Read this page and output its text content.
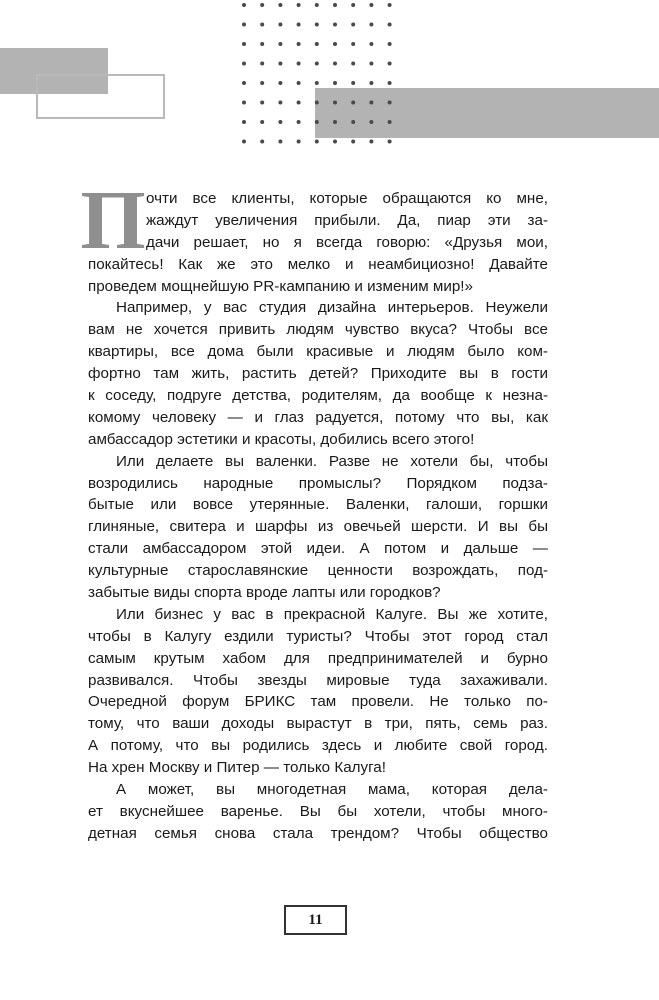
П очти все клиенты, которые обращаются ко мне,
жаждут увеличения прибыли. Да, пиар эти за-
дачи решает, но я всегда говорю: «Друзья мои,
покайтесь! Как же это мелко и неамбициозно! Давайте
проведем мощнейшую PR-кампанию и изменим мир!»
Например, у вас студия дизайна интерьеров. Неужели
вам не хочется привить людям чувство вкуса? Чтобы все
квартиры, все дома были красивые и людям было ком-
фортно там жить, растить детей? Приходите вы в гости
к соседу, подруге детства, родителям, да вообще к незна-
комому человеку — и глаз радуется, потому что вы, как
амбассадор эстетики и красоты, добились всего этого!
Или делаете вы валенки. Разве не хотели бы, чтобы
возродились народные промыслы? Порядком подза-
бытые или вовсе утерянные. Валенки, галоши, горшки
глиняные, свитера и шарфы из овечьей шерсти. И вы бы
стали амбассадором этой идеи. А потом и дальше —
культурные старославянские ценности возрождать, под-
забытые виды спорта вроде лапты или городков?
Или бизнес у вас в прекрасной Калуге. Вы же хотите,
чтобы в Калугу ездили туристы? Чтобы этот город стал
самым крутым хабом для предпринимателей и бурно
развивался. Чтобы звезды мировые туда захаживали.
Очередной форум БРИКС там провели. Не только по-
тому, что ваши доходы вырастут в три, пять, семь раз.
А потому, что вы родились здесь и любите свой город.
На хрен Москву и Питер — только Калуга!
А может, вы многодетная мама, которая дела-
ет вкуснейшее варенье. Вы бы хотели, чтобы много-
детная семья снова стала трендом? Чтобы общество
11
